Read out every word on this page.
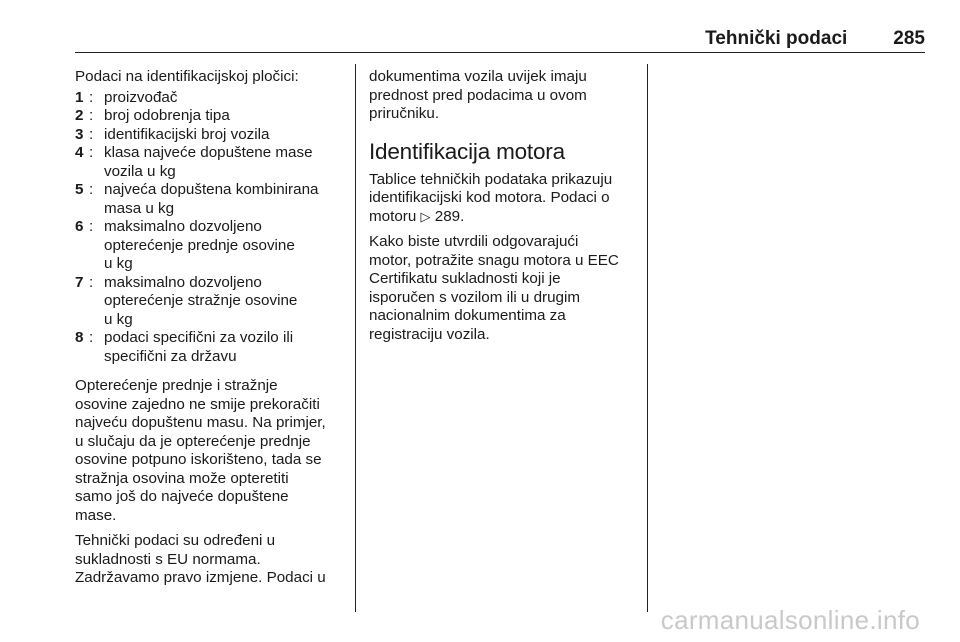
Tehnički podaci 285

Podaci na identifikacijskoj pločici:

1 : proizvođač
2 : broj odobrenja tipa
3 : identifikacijski broj vozila
4 : klasa najveće dopuštene mase
vozila u kg
5 : najveća dopuštena kombinirana
masa u kg
6 : maksimalno dozvoljeno
opterećenje prednje osovine
u kg
7 : maksimalno dozvoljeno
opterećenje stražnje osovine
u kg
8 : podaci specifični za vozilo ili
specifični za državu

Opterećenje prednje i stražnje
osovine zajedno ne smije prekoračiti
najveću dopuštenu masu. Na primjer,
u slučaju da je opterećenje prednje
osovine potpuno iskorišteno, tada se
stražnja osovina može opteretiti
samo još do najveće dopuštene
mase.

Tehnički podaci su određeni u
sukladnosti s EU normama.
Zadržavamo pravo izmjene. Podaci u

dokumentima vozila uvijek imaju
prednost pred podacima u ovom
priručniku.

Identifikacija motora

Tablice tehničkih podataka prikazuju
identifikacijski kod motora. Podaci o
motoru ▷ 289.

Kako biste utvrdili odgovarajući
motor, potražite snagu motora u EEC
Certifikatu sukladnosti koji je
isporučen s vozilom ili u drugim
nacionalnim dokumentima za
registraciju vozila.

carmanualsonline.info
